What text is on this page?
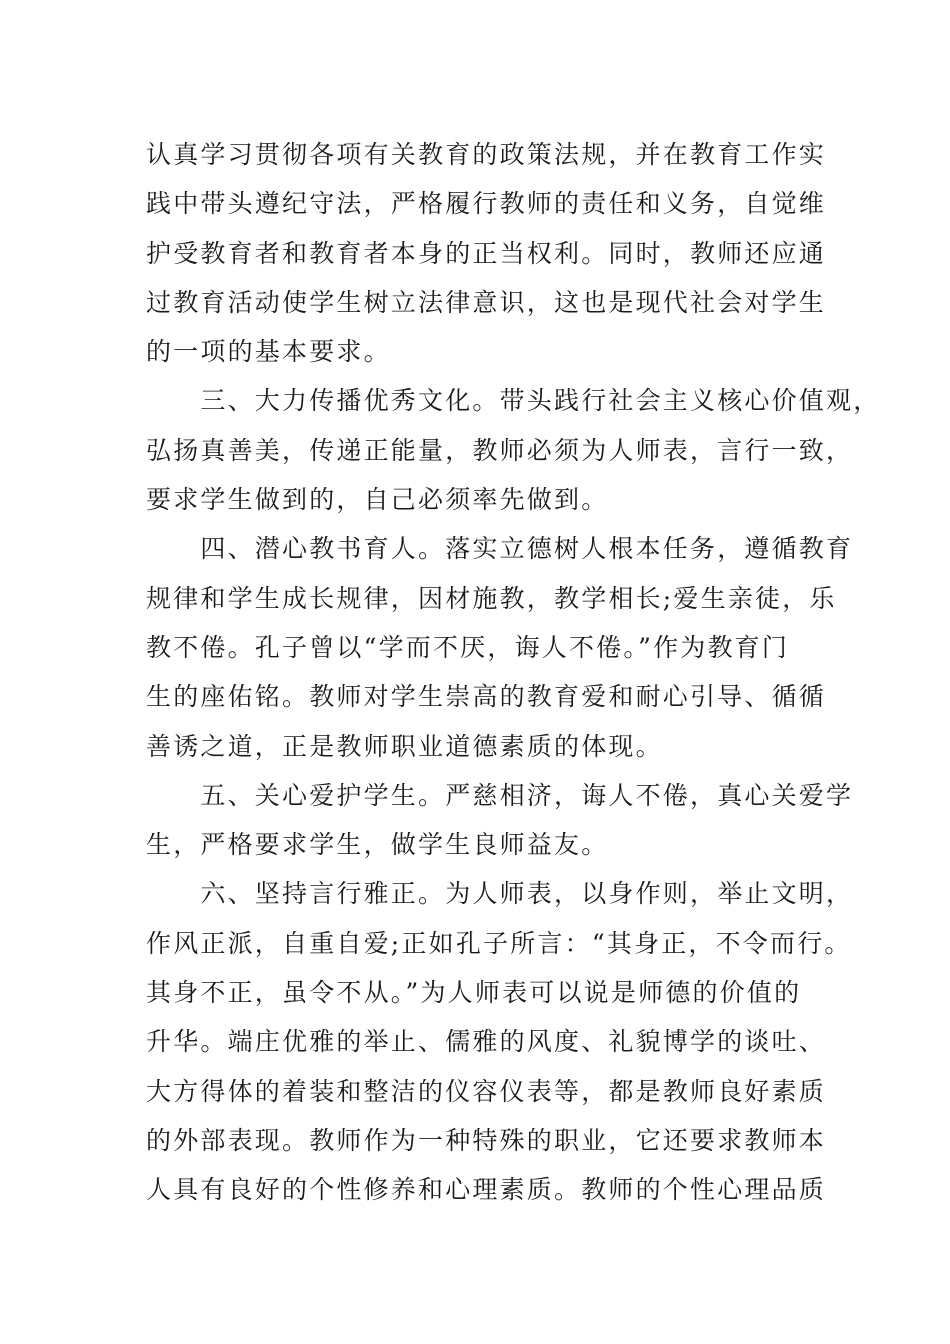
认真学习贯彻各项有关教育的政策法规，并在教育工作实
践中带头遵纪守法，严格履行教师的责任和义务，自觉维
护受教育者和教育者本身的正当权利。同时，教师还应通
过教育活动使学生树立法律意识，这也是现代社会对学生
的一项的基本要求。
　　三、大力传播优秀文化。带头践行社会主义核心价值观，
弘扬真善美，传递正能量，教师必须为人师表，言行一致，
要求学生做到的，自己必须率先做到。
　　四、潜心教书育人。落实立德树人根本任务，遵循教育
规律和学生成长规律，因材施教，教学相长;爱生亲徒，乐
教不倦。孔子曾以“学而不厌，诲人不倦。”作为教育门
生的座佑铭。教师对学生崇高的教育爱和耐心引导、循循
善诱之道，正是教师职业道德素质的体现。
　　五、关心爱护学生。严慈相济，诲人不倦，真心关爱学
生，严格要求学生，做学生良师益友。
　　六、坚持言行雅正。为人师表，以身作则，举止文明，
作风正派，自重自爱;正如孔子所言：“其身正，不令而行。
其身不正，虽令不从。”为人师表可以说是师德的价值的
升华。端庄优雅的举止、儒雅的风度、礼貌博学的谈吐、
大方得体的着装和整洁的仪容仪表等，都是教师良好素质
的外部表现。教师作为一种特殊的职业，它还要求教师本
人具有良好的个性修养和心理素质。教师的个性心理品质
